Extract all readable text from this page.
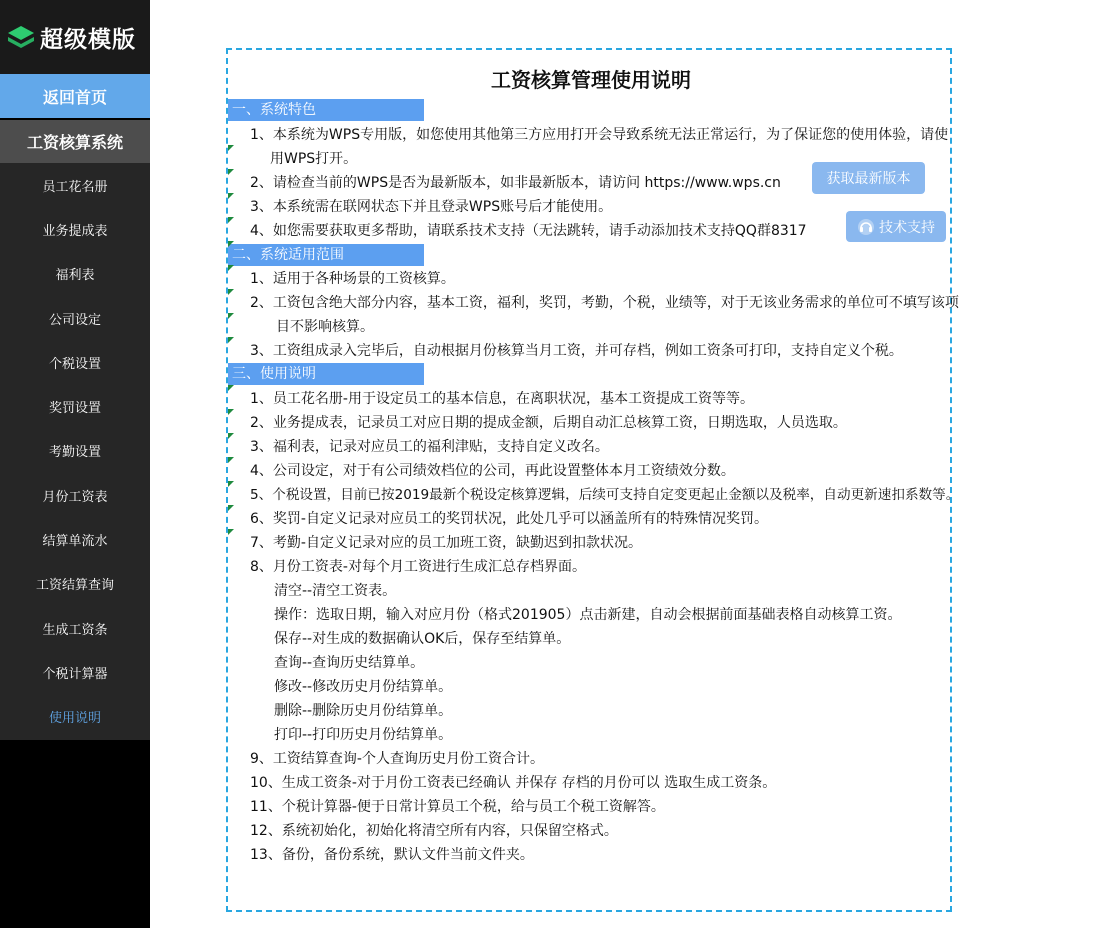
超级模版
返回首页
工资核算系统
员工花名册
业务提成表
福利表
公司设定
个税设置
奖罚设置
考勤设置
月份工资表
结算单流水
工资结算查询
生成工资条
个税计算器
使用说明
工资核算管理使用说明
一、系统特色
二、系统适用范围
三、使用说明
1、本系统为WPS专用版，如您使用其他第三方应用打开会导致系统无法正常运行，为了保证您的使用体验，请使
用WPS打开。
2、请检查当前的WPS是否为最新版本，如非最新版本，请访问 https://www.wps.cn
3、本系统需在联网状态下并且登录WPS账号后才能使用。
4、如您需要获取更多帮助，请联系技术支持（无法跳转，请手动添加技术支持QQ群8317
1、适用于各种场景的工资核算。
2、工资包含绝大部分内容，基本工资，福利，奖罚，考勤，个税，业绩等，对于无该业务需求的单位可不填写该项
目不影响核算。
3、工资组成录入完毕后，自动根据月份核算当月工资，并可存档，例如工资条可打印，支持自定义个税。
1、员工花名册-用于设定员工的基本信息，在离职状况，基本工资提成工资等等。
2、业务提成表，记录员工对应日期的提成金额，后期自动汇总核算工资，日期选取，人员选取。
3、福利表，记录对应员工的福利津贴，支持自定义改名。
4、公司设定，对于有公司绩效档位的公司，再此设置整体本月工资绩效分数。
5、个税设置，目前已按2019最新个税设定核算逻辑，后续可支持自定变更起止金额以及税率，自动更新速扣系数等。
6、奖罚-自定义记录对应员工的奖罚状况，此处几乎可以涵盖所有的特殊情况奖罚。
7、考勤-自定义记录对应的员工加班工资，缺勤迟到扣款状况。
8、月份工资表-对每个月工资进行生成汇总存档界面。
清空--清空工资表。
操作：选取日期，输入对应月份（格式201905）点击新建，自动会根据前面基础表格自动核算工资。
保存--对生成的数据确认OK后，保存至结算单。
查询--查询历史结算单。
修改--修改历史月份结算单。
删除--删除历史月份结算单。
打印--打印历史月份结算单。
9、工资结算查询-个人查询历史月份工资合计。
10、生成工资条-对于月份工资表已经确认 并保存 存档的月份可以 选取生成工资条。
11、个税计算器-便于日常计算员工个税，给与员工个税工资解答。
12、系统初始化，初始化将清空所有内容，只保留空格式。
13、备份，备份系统，默认文件当前文件夹。
获取最新版本
技术支持
